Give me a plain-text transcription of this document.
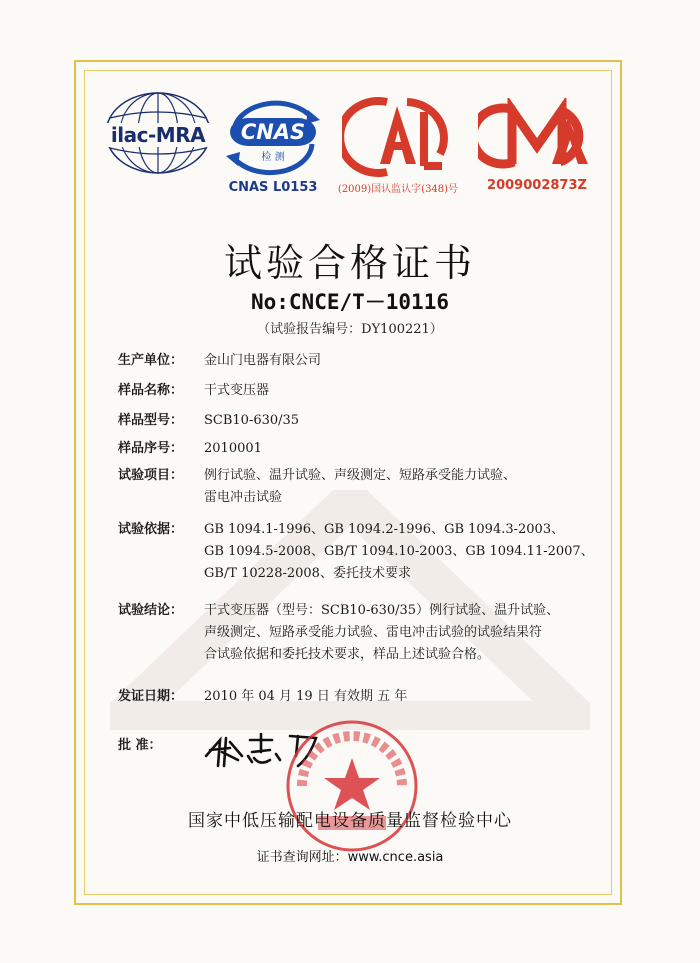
ilac-MRA	CNAS
检 测
CNAS L0153	(2009)国认监认字(348)号	2009002873Z
试验合格证书
No:CNCE/T－10116
（试验报告编号：DY100221）
生产单位：	金山门电器有限公司
样品名称：	干式变压器
样品型号：	SCB10-630/35
样品序号：	2010001
试验项目：	例行试验、温升试验、声级测定、短路承受能力试验、
雷电冲击试验
试验依据：	GB 1094.1-1996、GB 1094.2-1996、GB 1094.3-2003、
GB 1094.5-2008、GB/T 1094.10-2003、GB 1094.11-2007、
GB/T 10228-2008、委托技术要求
试验结论：	干式变压器（型号：SCB10-630/35）例行试验、温升试验、
声级测定、短路承受能力试验、雷电冲击试验的试验结果符
合试验依据和委托技术要求，样品上述试验合格。
发证日期：	2010 年 04 月 19 日 有效期 五 年
批 准：
国家中低压输配电设备质量监督检验中心
证书查询网址：www.cnce.asia
